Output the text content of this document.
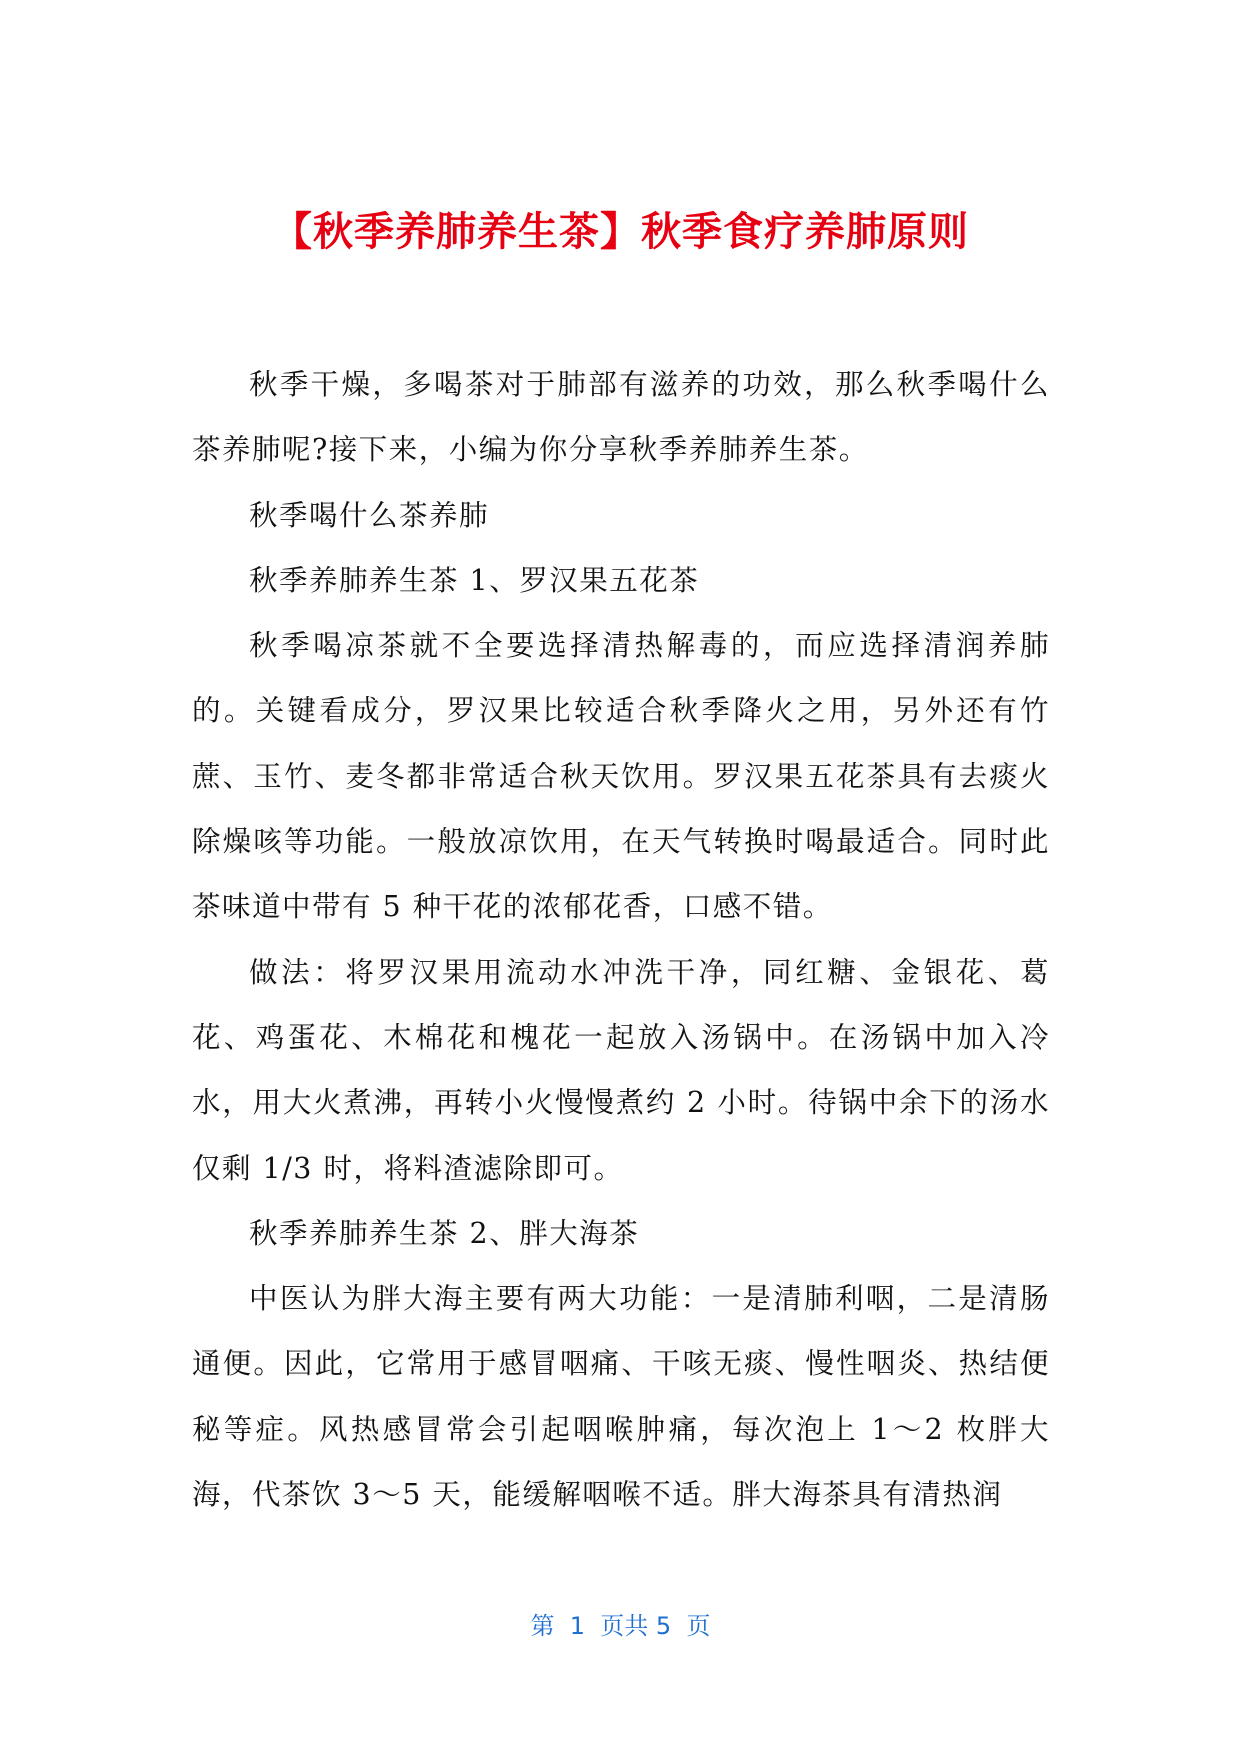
【秋季养肺养生茶】秋季食疗养肺原则

秋季干燥，多喝茶对于肺部有滋养的功效，那么秋季喝什么茶养肺呢?接下来，小编为你分享秋季养肺养生茶。

秋季喝什么茶养肺

秋季养肺养生茶 1、罗汉果五花茶

秋季喝凉茶就不全要选择清热解毒的，而应选择清润养肺的。关键看成分，罗汉果比较适合秋季降火之用，另外还有竹蔗、玉竹、麦冬都非常适合秋天饮用。罗汉果五花茶具有去痰火除燥咳等功能。一般放凉饮用，在天气转换时喝最适合。同时此茶味道中带有 5 种干花的浓郁花香，口感不错。

做法：将罗汉果用流动水冲洗干净，同红糖、金银花、葛花、鸡蛋花、木棉花和槐花一起放入汤锅中。在汤锅中加入冷水，用大火煮沸，再转小火慢慢煮约 2 小时。待锅中余下的汤水仅剩 1/3 时，将料渣滤除即可。

秋季养肺养生茶 2、胖大海茶

中医认为胖大海主要有两大功能：一是清肺利咽，二是清肠通便。因此，它常用于感冒咽痛、干咳无痰、慢性咽炎、热结便秘等症。风热感冒常会引起咽喉肿痛，每次泡上 1～2 枚胖大海，代茶饮 3～5 天，能缓解咽喉不适。胖大海茶具有清热润

第  1  页共 5  页
